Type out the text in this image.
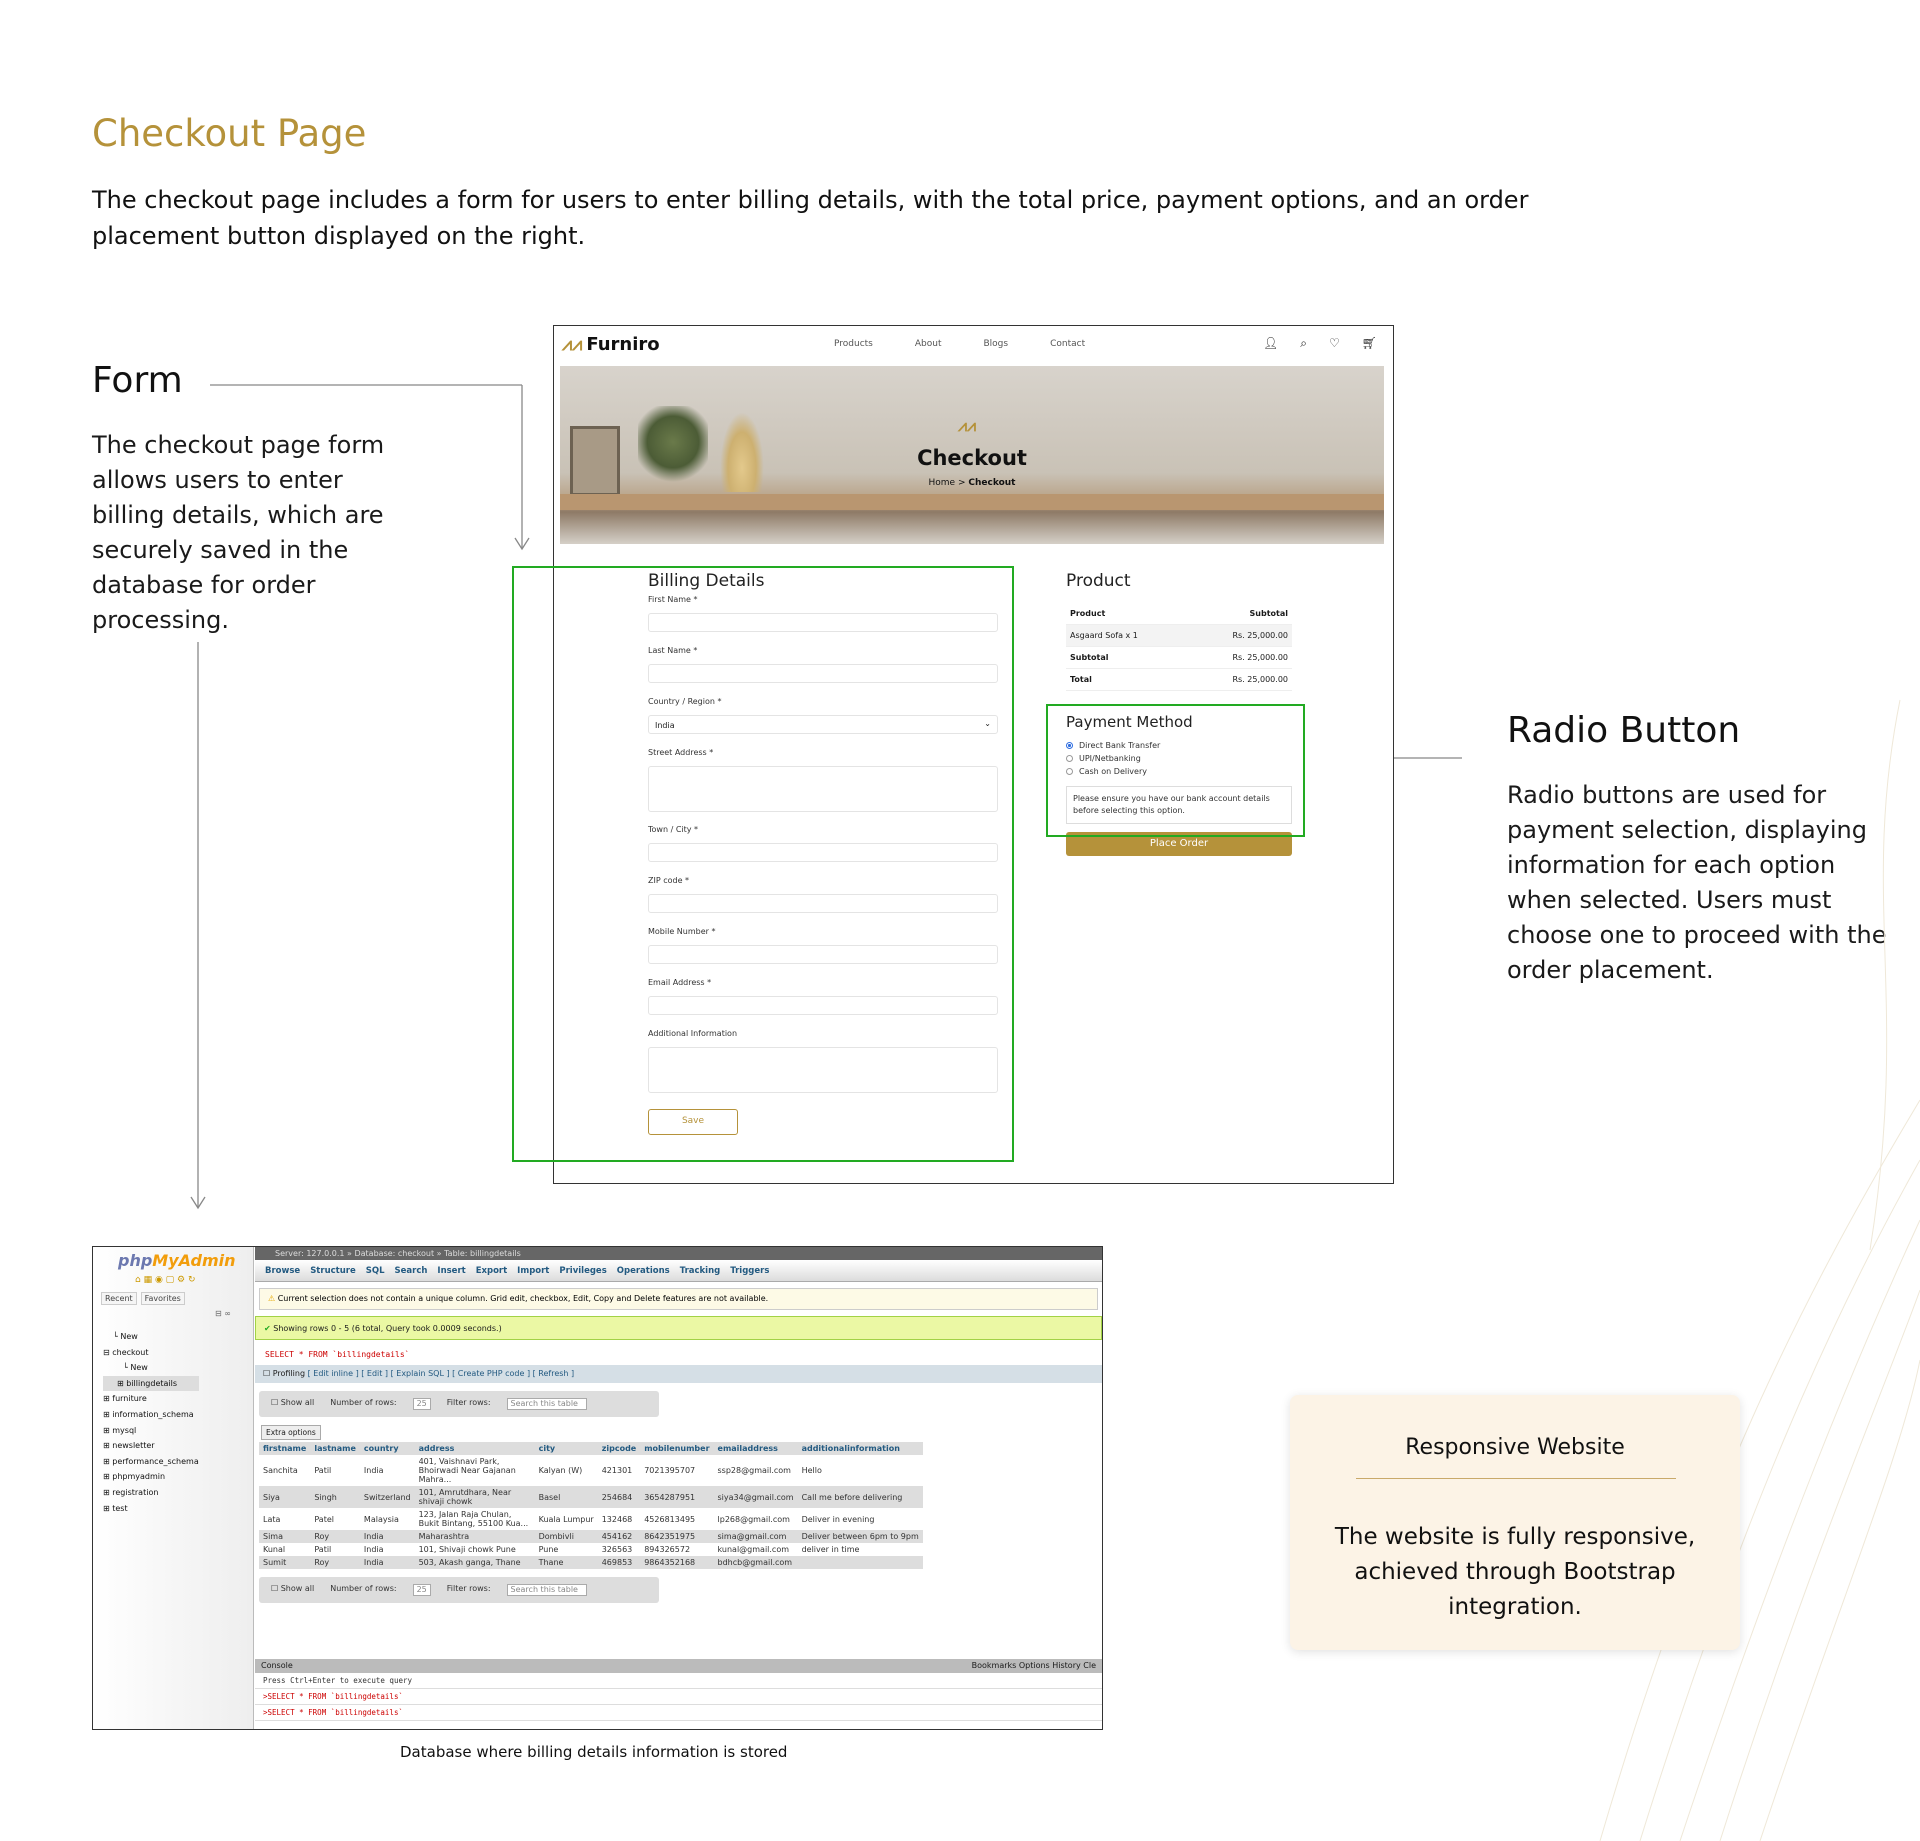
Checkout Page
The checkout page includes a form for users to enter billing details, with the total price, payment options, and an order placement button displayed on the right.
Form
The checkout page form allows users to enter billing details, which are securely saved in the database for order processing.
Radio Button
Radio buttons are used for payment selection, displaying information for each option when selected. Users must choose one to proceed with the order placement.
⩘⩘ Furniro	Products	About	Blogs	Contact	👤︎ ⌕ ♡ 🛒︎
⩘⩘
Checkout
Home > Checkout
Billing Details
First Name *
Last Name *
Country / Region *
India	⌄
Street Address *
Town / City *
ZIP code *
Mobile Number *
Email Address *
Additional Information
Save
Product
Product	Subtotal
Asgaard Sofa x 1	Rs. 25,000.00
Subtotal	Rs. 25,000.00
Total	Rs. 25,000.00
Payment Method
Direct Bank Transfer
UPI/Netbanking
Cash on Delivery
Please ensure you have our bank account details before selecting this option.
Place Order
phpMyAdmin
⌂ ▦ ◉ ▢ ⚙ ↻
Recent	Favorites
⊟ ∞
└ New
⊟ checkout
└ New
⊞ billingdetails
⊞ furniture
⊞ information_schema
⊞ mysql
⊞ newsletter
⊞ performance_schema
⊞ phpmyadmin
⊞ registration
⊞ test
Server: 127.0.0.1 » Database: checkout » Table: billingdetails
Browse Structure SQL Search Insert Export Import Privileges Operations Tracking Triggers
⚠ Current selection does not contain a unique column. Grid edit, checkbox, Edit, Copy and Delete features are not available.
✔ Showing rows 0 - 5 (6 total, Query took 0.0009 seconds.)
SELECT * FROM `billingdetails`
☐ Profiling [ Edit inline ] [ Edit ] [ Explain SQL ] [ Create PHP code ] [ Refresh ]
☐ Show all Number of rows:	25	Filter rows:	Search this table
Extra options
firstname	lastname	country	address	city	zipcode	mobilenumber	emailaddress	additionalinformation
Sanchita	Patil	India	401, Vaishnavi Park, Bhoirwadi Near Gajanan Mahra...	Kalyan (W)	421301	7021395707	ssp28@gmail.com	Hello
Siya	Singh	Switzerland	101, Amrutdhara, Near shivaji chowk	Basel	254684	3654287951	siya34@gmail.com	Call me before delivering
Lata	Patel	Malaysia	123, Jalan Raja Chulan, Bukit Bintang, 55100 Kua...	Kuala Lumpur	132468	4526813495	lp268@gmail.com	Deliver in evening
Sima	Roy	India	Maharashtra	Dombivli	454162	8642351975	sima@gmail.com	Deliver between 6pm to 9pm
Kunal	Patil	India	101, Shivaji chowk Pune	Pune	326563	894326572	kunal@gmail.com	deliver in time
Sumit	Roy	India	503, Akash ganga, Thane	Thane	469853	9864352168	bdhcb@gmail.com	
☐ Show all Number of rows:	25	Filter rows:	Search this table
Console	Bookmarks Options History Cle
Press Ctrl+Enter to execute query
>SELECT * FROM `billingdetails`
>SELECT * FROM `billingdetails`
Database where billing details information is stored
Responsive Website
The website is fully responsive, achieved through Bootstrap integration.
